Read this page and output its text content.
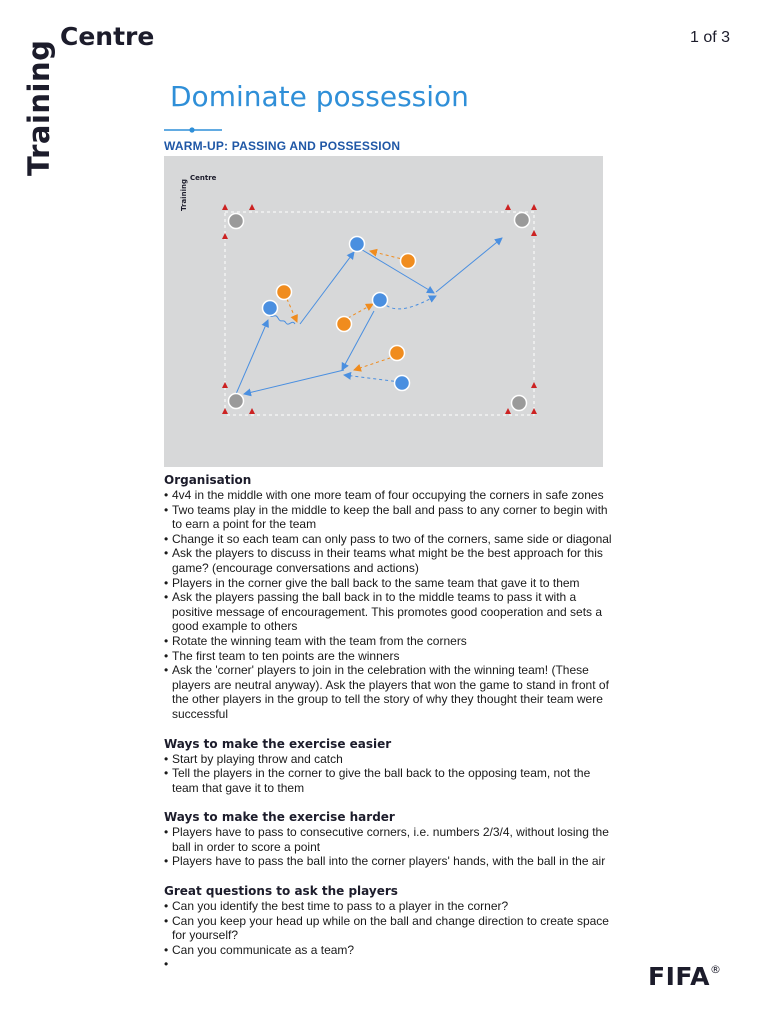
Training
Centre	1 of 3
Dominate possession
WARM-UP: PASSING AND POSSESSION
Training
Centre
Organisation
• 4v4 in the middle with one more team of four occupying the corners in safe zones
• Two teams play in the middle to keep the ball and pass to any corner to begin with to earn a point for the team
• Change it so each team can only pass to two of the corners, same side or diagonal
• Ask the players to discuss in their teams what might be the best approach for this game? (encourage conversations and actions)
• Players in the corner give the ball back to the same team that gave it to them
• Ask the players passing the ball back in to the middle teams to pass it with a positive message of encouragement. This promotes good cooperation and sets a good example to others
• Rotate the winning team with the team from the corners
• The first team to ten points are the winners
• Ask the 'corner' players to join in the celebration with the winning team! (These players are neutral anyway). Ask the players that won the game to stand in front of the other players in the group to tell the story of why they thought their team were successful
Ways to make the exercise easier
• Start by playing throw and catch
• Tell the players in the corner to give the ball back to the opposing team, not the team that gave it to them
Ways to make the exercise harder
• Players have to pass to consecutive corners, i.e. numbers 2/3/4, without losing the ball in order to score a point
• Players have to pass the ball into the corner players' hands, with the ball in the air
Great questions to ask the players
• Can you identify the best time to pass to a player in the corner?
• Can you keep your head up while on the ball and change direction to create space for yourself?
• Can you communicate as a team?
FIFA®
